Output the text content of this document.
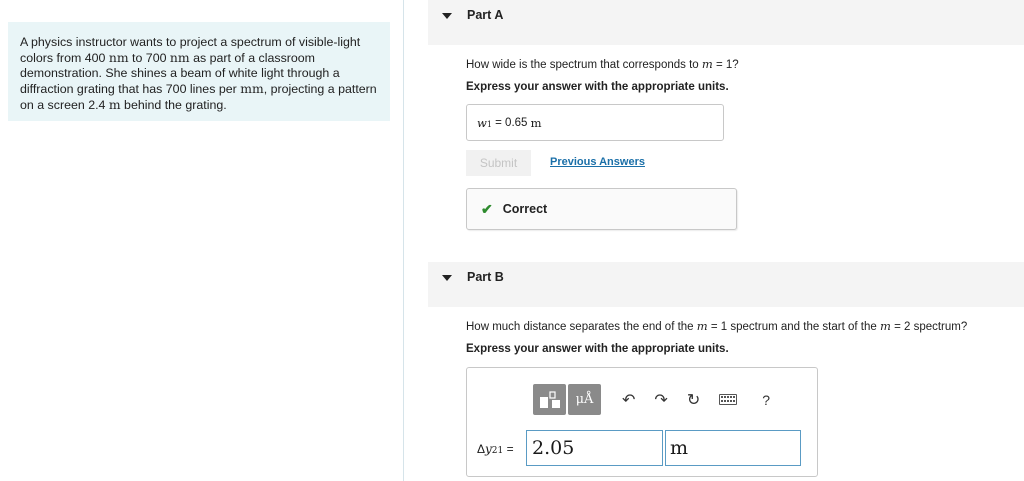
A physics instructor wants to project a spectrum of visible-light colors from 400 nm to 700 nm as part of a classroom demonstration. She shines a beam of white light through a diffraction grating that has 700 lines per mm, projecting a pattern on a screen 2.4 m behind the grating.
Part A
How wide is the spectrum that corresponds to m = 1?
Express your answer with the appropriate units.
w 1 = 0.65 m
Submit	Previous Answers
✔ Correct
Part B
How much distance separates the end of the m = 1 spectrum and the start of the m = 2 spectrum?
Express your answer with the appropriate units.
μÅ	↶ ↷ ↻	?
Δy21 = 2.05	m
